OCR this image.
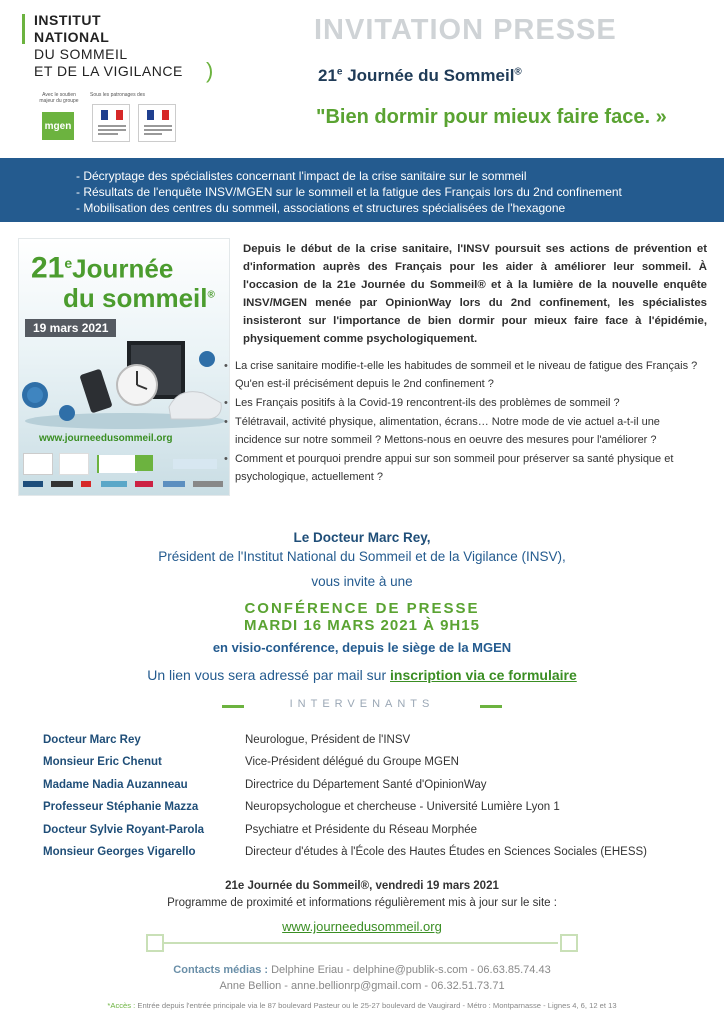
INSTITUT
NATIONAL
DU SOMMEIL
ET DE LA VIGILANCE )
Avec le soutien majeur du groupe
mgen
Sous les patronages des
INVITATION PRESSE
21e Journée du Sommeil®
"Bien dormir pour mieux faire face. »
- Décryptage des spécialistes concernant l'impact de la crise sanitaire sur le sommeil
- Résultats de l'enquête INSV/MGEN sur le sommeil et la fatigue des Français lors du 2nd confinement
- Mobilisation des centres du sommeil, associations et structures spécialisées de l'hexagone
21eJournée
du sommeil®
19 mars 2021
www.journeedusommeil.org
Depuis le début de la crise sanitaire, l'INSV poursuit ses actions de prévention et d'information auprès des Français pour les aider à améliorer leur sommeil. À l'occasion de la 21e Journée du Sommeil® et à la lumière de la nouvelle enquête INSV/MGEN menée par OpinionWay lors du 2nd confinement, les spécialistes insisteront sur l'importance de bien dormir pour mieux faire face à l'épidémie, physiquement comme psychologiquement.
• La crise sanitaire modifie-t-elle les habitudes de sommeil et le niveau de fatigue des Français ? Qu'en est-il précisément depuis le 2nd confinement ?
• Les Français positifs à la Covid-19 rencontrent-ils des problèmes de sommeil ?
• Télétravail, activité physique, alimentation, écrans… Notre mode de vie actuel a-t-il une incidence sur notre sommeil ? Mettons-nous en oeuvre des mesures pour l'améliorer ?
• Comment et pourquoi prendre appui sur son sommeil pour préserver sa santé physique et psychologique, actuellement ?
Le Docteur Marc Rey,
Président de l'Institut National du Sommeil et de la Vigilance (INSV),
vous invite à une
CONFÉRENCE DE PRESSE
MARDI 16 MARS 2021 À 9H15
en visio-conférence, depuis le siège de la MGEN
Un lien vous sera adressé par mail sur inscription via ce formulaire
INTERVENANTS
Docteur Marc Rey	Neurologue, Président de l'INSV
Monsieur Eric Chenut	Vice-Président délégué du Groupe MGEN
Madame Nadia Auzanneau	Directrice du Département Santé d'OpinionWay
Professeur Stéphanie Mazza	Neuropsychologue et chercheuse - Université Lumière Lyon 1
Docteur Sylvie Royant-Parola	Psychiatre et Présidente du Réseau Morphée
Monsieur Georges Vigarello	Directeur d'études à l'École des Hautes Études en Sciences Sociales (EHESS)
21e Journée du Sommeil®, vendredi 19 mars 2021
Programme de proximité et informations régulièrement mis à jour sur le site :
www.journeedusommeil.org
Contacts médias : Delphine Eriau - delphine@publik-s.com - 06.63.85.74.43
Anne Bellion - anne.bellionrp@gmail.com - 06.32.51.73.71
*Accès : Entrée depuis l'entrée principale via le 87 boulevard Pasteur ou le 25-27 boulevard de Vaugirard - Métro : Montparnasse - Lignes 4, 6, 12 et 13
